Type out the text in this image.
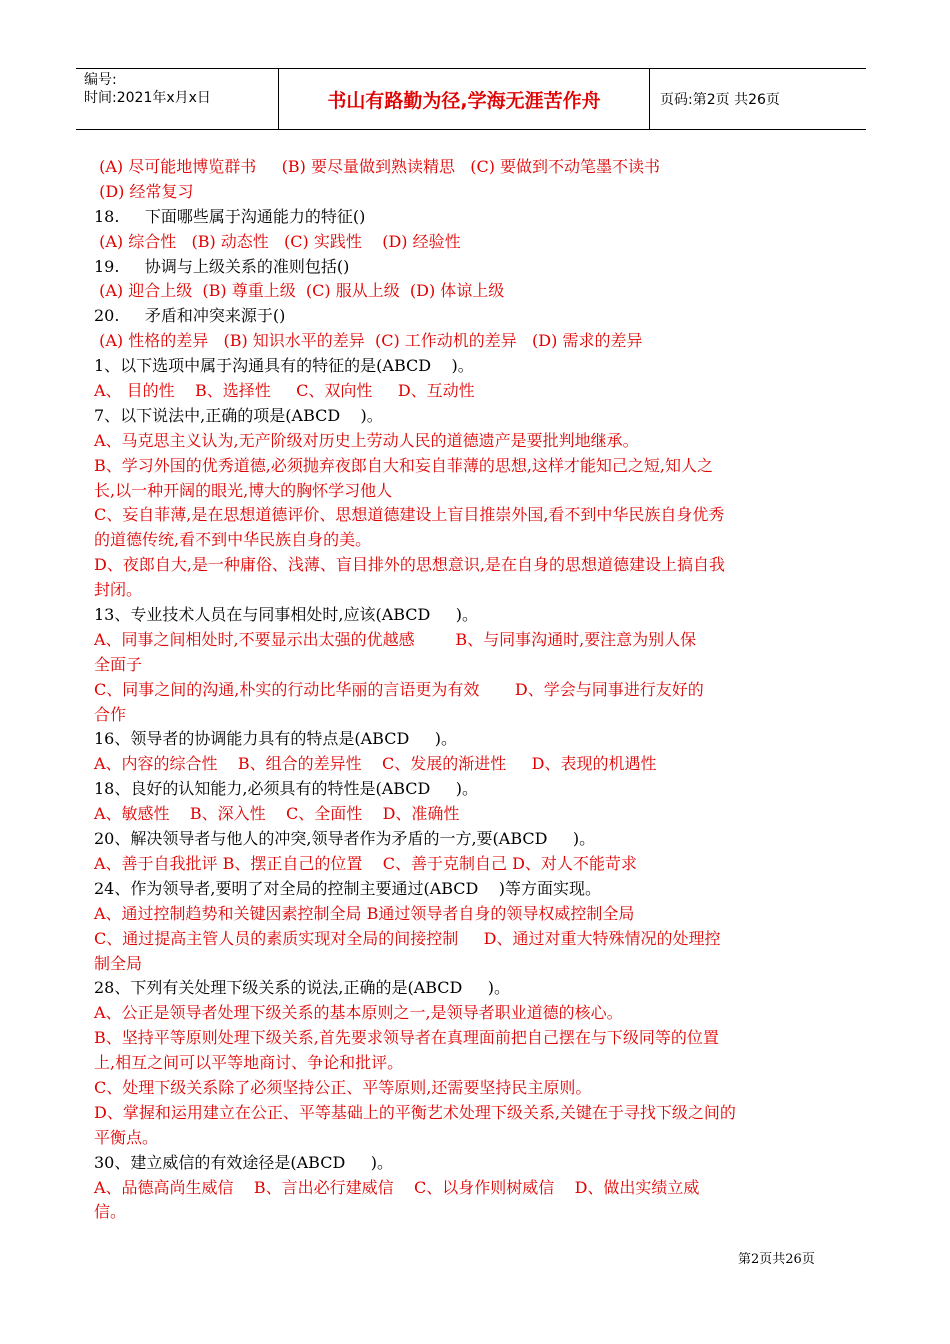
编号:
时间:2021年x月x日	书山有路勤为径,学海无涯苦作舟	页码:第2页 共26页
(A) 尽可能地博览群书     (B) 要尽量做到熟读精思   (C) 要做到不动笔墨不读书
(D) 经常复习
18.     下面哪些属于沟通能力的特征()
(A) 综合性   (B) 动态性   (C) 实践性    (D) 经验性
19.     协调与上级关系的准则包括()
(A) 迎合上级  (B) 尊重上级  (C) 服从上级  (D) 体谅上级
20.     矛盾和冲突来源于()
(A) 性格的差异   (B) 知识水平的差异  (C) 工作动机的差异   (D) 需求的差异
1、以下选项中属于沟通具有的特征的是(ABCD    )。
A、 目的性    B、选择性     C、双向性     D、互动性
7、以下说法中,正确的项是(ABCD    )。
A、马克思主义认为,无产阶级对历史上劳动人民的道德遗产是要批判地继承。
B、学习外国的优秀道德,必须抛弃夜郎自大和妄自菲薄的思想,这样才能知己之短,知人之
长,以一种开阔的眼光,博大的胸怀学习他人
C、妄自菲薄,是在思想道德评价、思想道德建设上盲目推崇外国,看不到中华民族自身优秀
的道德传统,看不到中华民族自身的美。
D、夜郎自大,是一种庸俗、浅薄、盲目排外的思想意识,是在自身的思想道德建设上搞自我
封闭。
13、专业技术人员在与同事相处时,应该(ABCD     )。
A、同事之间相处时,不要显示出太强的优越感        B、与同事沟通时,要注意为别人保
全面子
C、同事之间的沟通,朴实的行动比华丽的言语更为有效       D、学会与同事进行友好的
合作
16、领导者的协调能力具有的特点是(ABCD     )。
A、内容的综合性    B、组合的差异性    C、发展的渐进性     D、表现的机遇性
18、良好的认知能力,必须具有的特性是(ABCD     )。
A、敏感性    B、深入性    C、全面性    D、准确性
20、解决领导者与他人的冲突,领导者作为矛盾的一方,要(ABCD     )。
A、善于自我批评 B、摆正自己的位置    C、善于克制自己 D、对人不能苛求
24、作为领导者,要明了对全局的控制主要通过(ABCD    )等方面实现。
A、通过控制趋势和关键因素控制全局 B通过领导者自身的领导权威控制全局
C、通过提高主管人员的素质实现对全局的间接控制     D、通过对重大特殊情况的处理控
制全局
28、下列有关处理下级关系的说法,正确的是(ABCD     )。
A、公正是领导者处理下级关系的基本原则之一,是领导者职业道德的核心。
B、坚持平等原则处理下级关系,首先要求领导者在真理面前把自己摆在与下级同等的位置
上,相互之间可以平等地商讨、争论和批评。
C、处理下级关系除了必须坚持公正、平等原则,还需要坚持民主原则。
D、掌握和运用建立在公正、平等基础上的平衡艺术处理下级关系,关键在于寻找下级之间的
平衡点。
30、建立威信的有效途径是(ABCD     )。
A、品德高尚生威信    B、言出必行建威信    C、以身作则树威信    D、做出实绩立威
信。
第2页共26页
